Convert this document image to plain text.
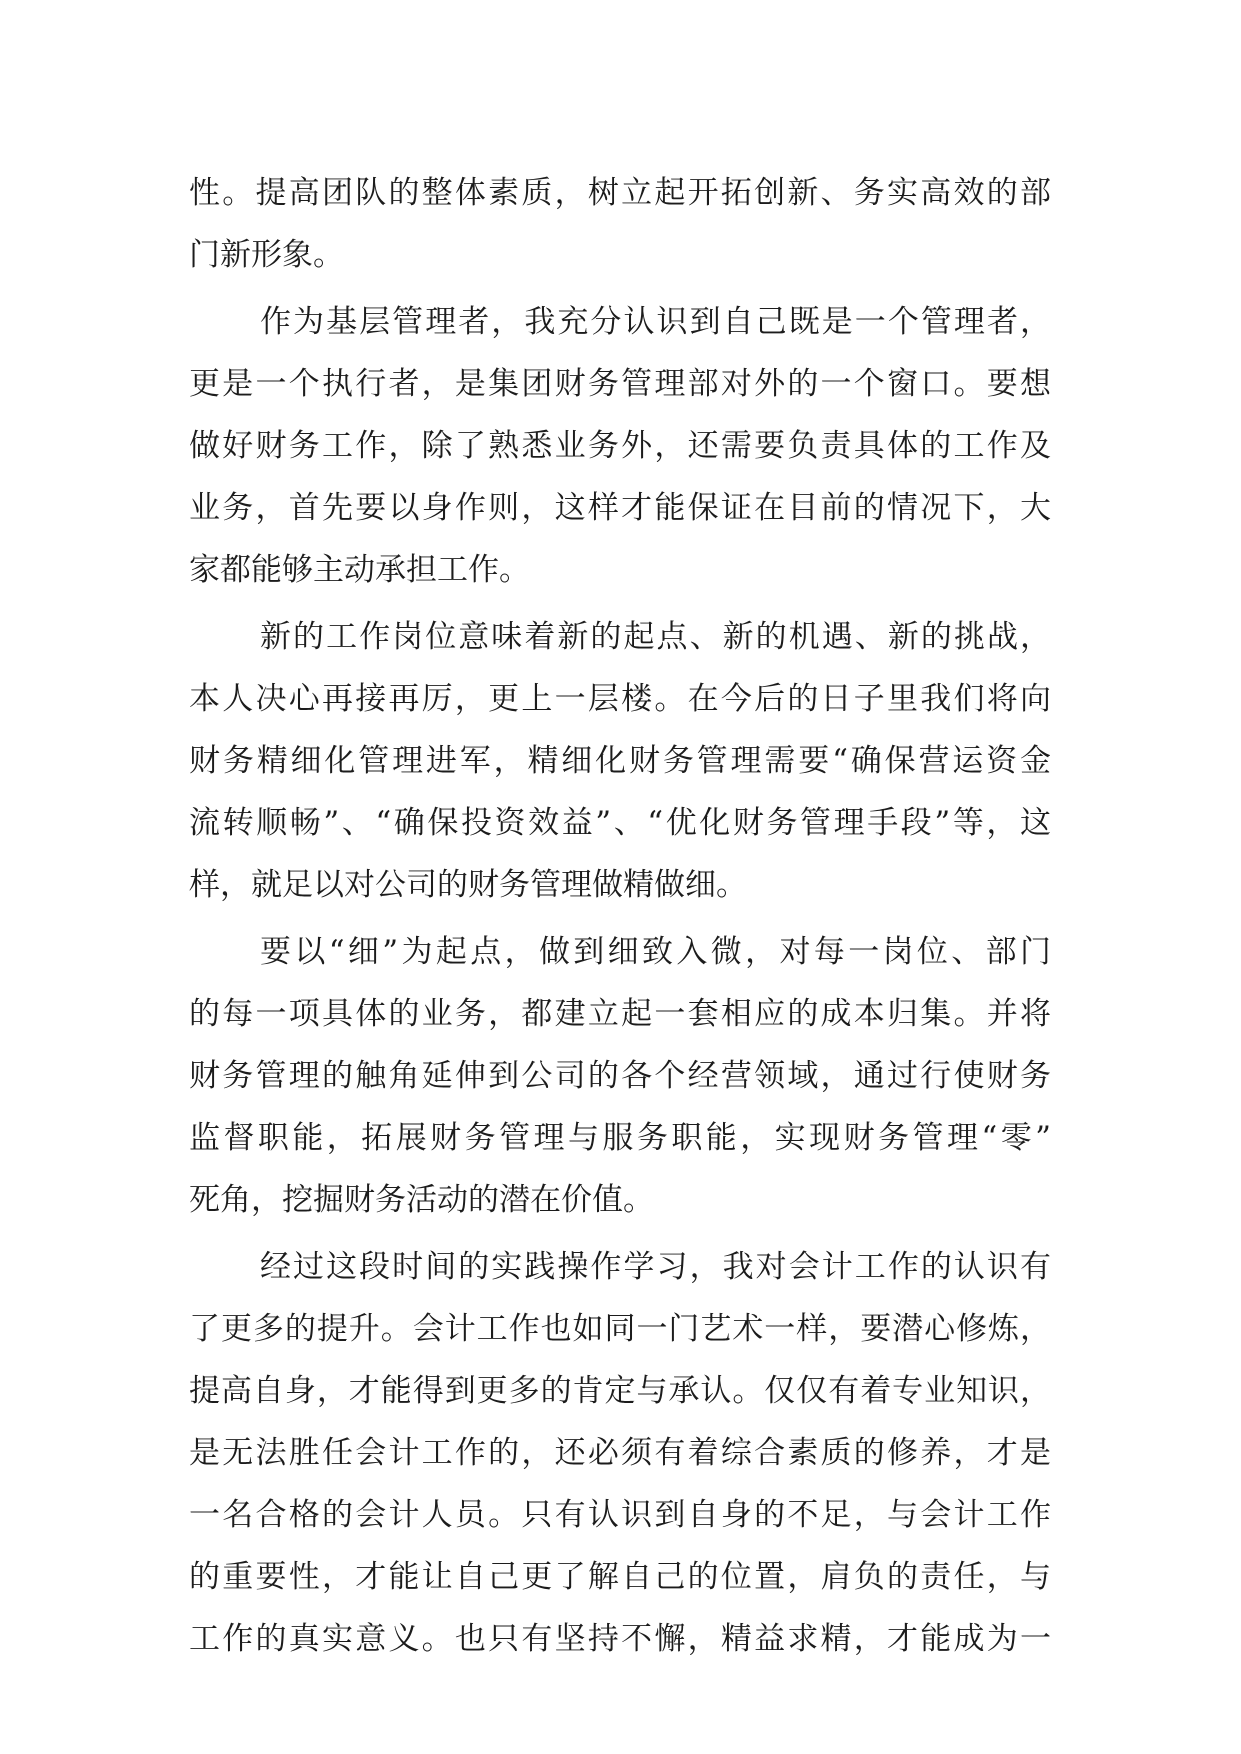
性。提高团队的整体素质，树立起开拓创新、务实高效的部
门新形象。
作为基层管理者，我充分认识到自己既是一个管理者，
更是一个执行者，是集团财务管理部对外的一个窗口。要想
做好财务工作，除了熟悉业务外，还需要负责具体的工作及
业务，首先要以身作则，这样才能保证在目前的情况下，大
家都能够主动承担工作。
新的工作岗位意味着新的起点、新的机遇、新的挑战，
本人决心再接再厉，更上一层楼。在今后的日子里我们将向
财务精细化管理进军，精细化财务管理需要“确保营运资金
流转顺畅”、“确保投资效益”、“优化财务管理手段”等，这
样，就足以对公司的财务管理做精做细。
要以“细”为起点，做到细致入微，对每一岗位、部门
的每一项具体的业务，都建立起一套相应的成本归集。并将
财务管理的触角延伸到公司的各个经营领域，通过行使财务
监督职能，拓展财务管理与服务职能，实现财务管理“零”
死角，挖掘财务活动的潜在价值。
经过这段时间的实践操作学习，我对会计工作的认识有
了更多的提升。会计工作也如同一门艺术一样，要潜心修炼，
提高自身，才能得到更多的肯定与承认。仅仅有着专业知识，
是无法胜任会计工作的，还必须有着综合素质的修养，才是
一名合格的会计人员。只有认识到自身的不足，与会计工作
的重要性，才能让自己更了解自己的位置，肩负的责任，与
工作的真实意义。也只有坚持不懈，精益求精，才能成为一
